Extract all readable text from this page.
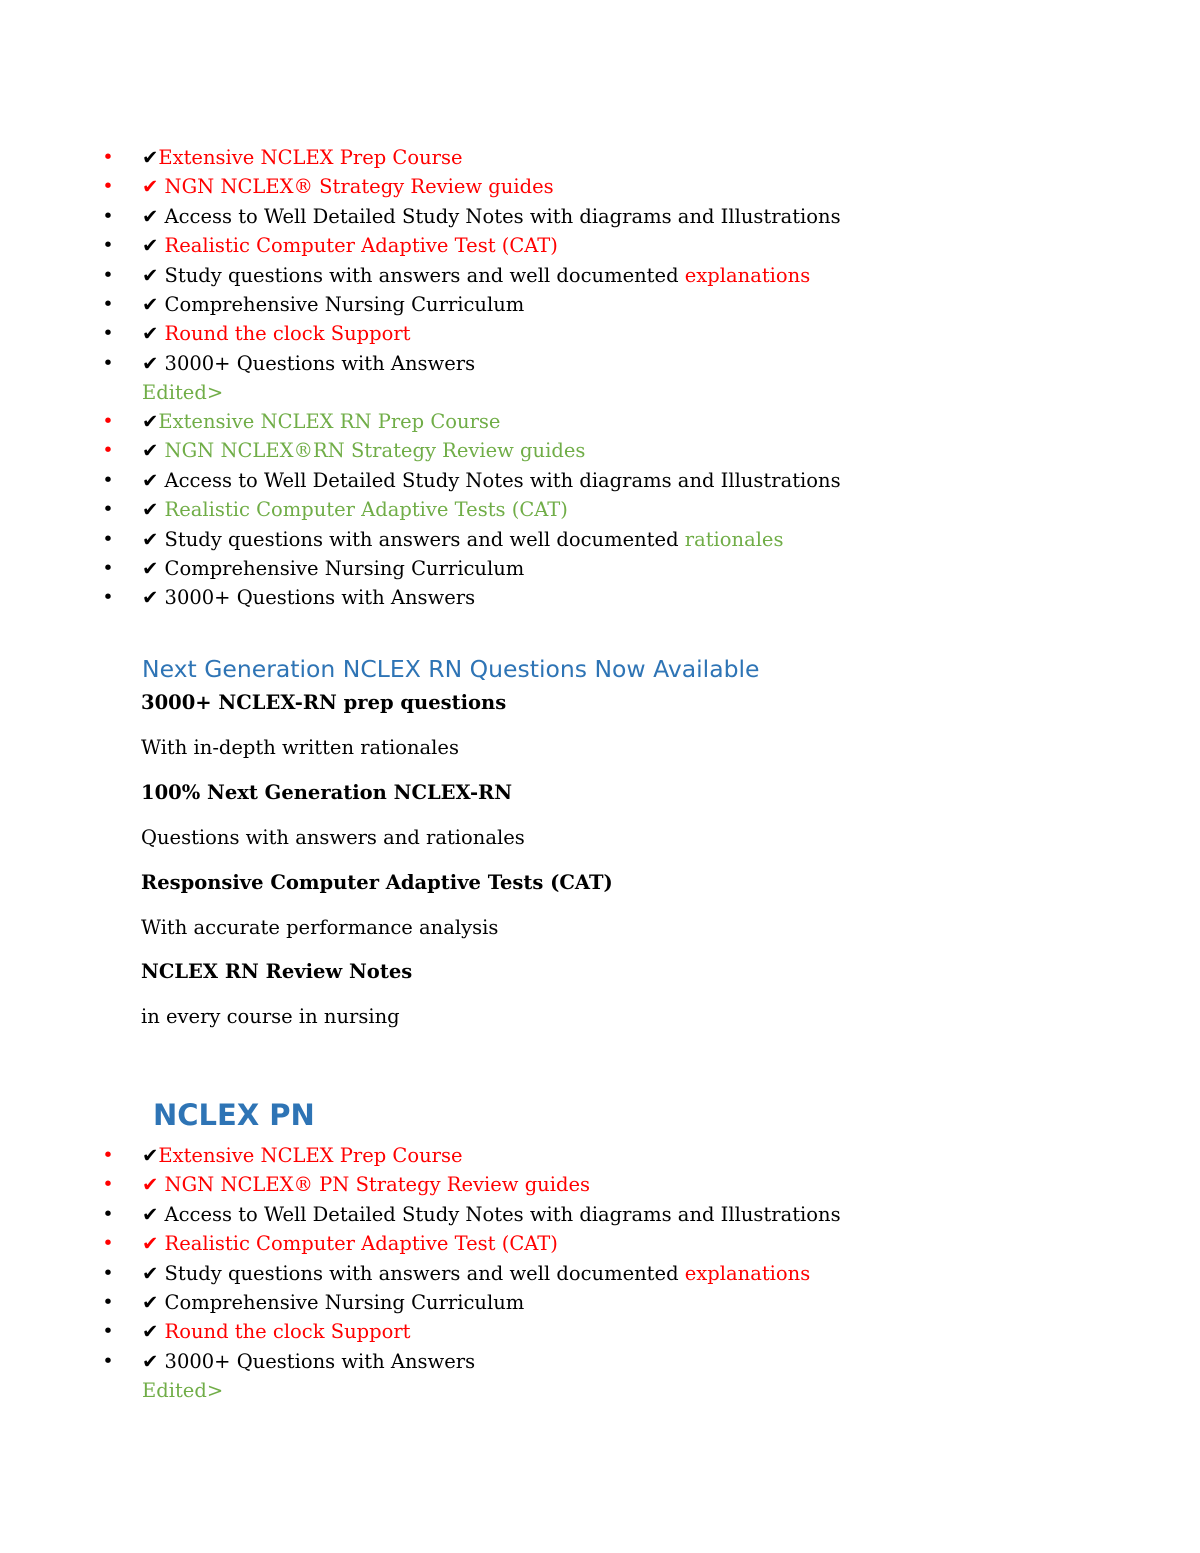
• ✔Extensive NCLEX Prep Course
• ✔ NGN NCLEX® Strategy Review guides
• ✔ Access to Well Detailed Study Notes with diagrams and Illustrations
• ✔ Realistic Computer Adaptive Test (CAT)
• ✔ Study questions with answers and well documented explanations
• ✔ Comprehensive Nursing Curriculum
• ✔ Round the clock Support
• ✔ 3000+ Questions with Answers
Edited>
• ✔Extensive NCLEX RN Prep Course
• ✔ NGN NCLEX®RN Strategy Review guides
• ✔ Access to Well Detailed Study Notes with diagrams and Illustrations
• ✔ Realistic Computer Adaptive Tests (CAT)
• ✔ Study questions with answers and well documented rationales
• ✔ Comprehensive Nursing Curriculum
• ✔ 3000+ Questions with Answers
Next Generation NCLEX RN Questions Now Available
3000+ NCLEX-RN prep questions
With in-depth written rationales
100% Next Generation NCLEX-RN
Questions with answers and rationales
Responsive Computer Adaptive Tests (CAT)
With accurate performance analysis
NCLEX RN Review Notes
in every course in nursing
NCLEX PN
• ✔Extensive NCLEX Prep Course
• ✔ NGN NCLEX® PN Strategy Review guides
• ✔ Access to Well Detailed Study Notes with diagrams and Illustrations
• ✔ Realistic Computer Adaptive Test (CAT)
• ✔ Study questions with answers and well documented explanations
• ✔ Comprehensive Nursing Curriculum
• ✔ Round the clock Support
• ✔ 3000+ Questions with Answers
Edited>
